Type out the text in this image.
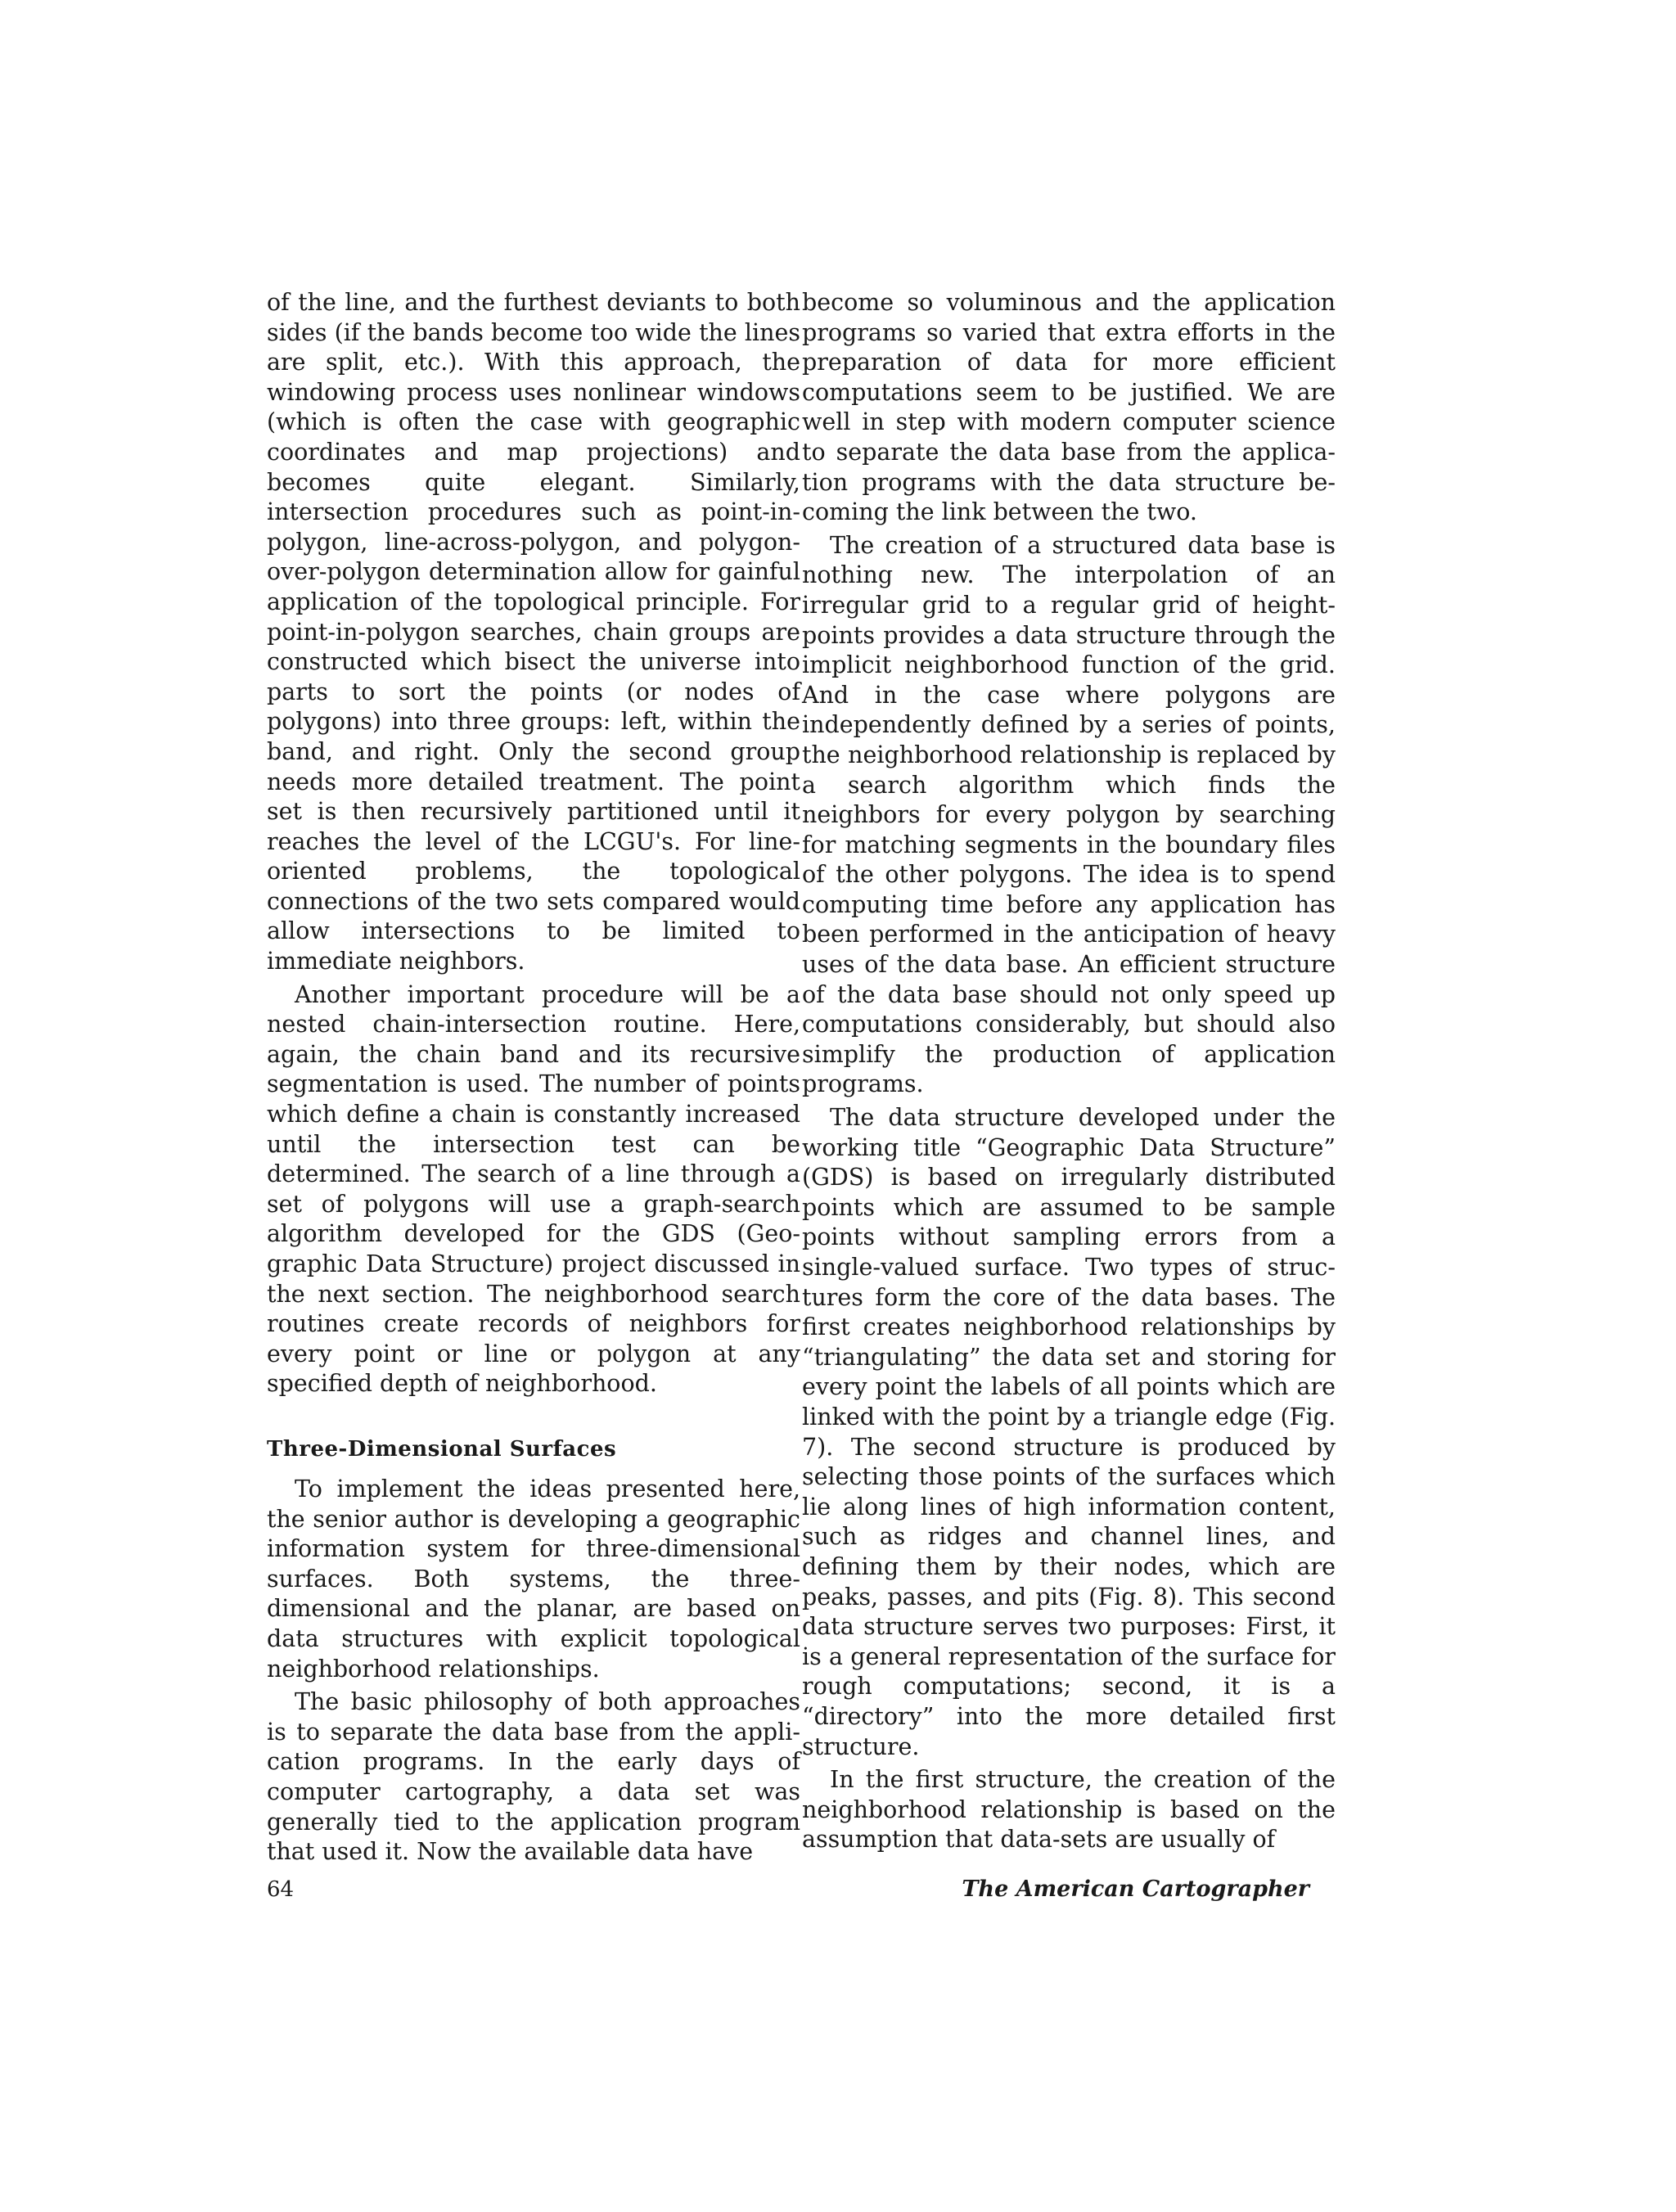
of the line, and the furthest deviants to both sides (if the bands become too wide the lines are split, etc.). With this approach, the windowing process uses nonlinear windows (which is often the case with geographic coordinates and map projections) and becomes quite elegant. Similarly, intersection procedures such as point-in-polygon, line-across-polygon, and polygon-over-polygon determination allow for gainful application of the topological principle. For point-in-polygon searches, chain groups are constructed which bisect the universe into parts to sort the points (or nodes of polygons) into three groups: left, within the band, and right. Only the second group needs more detailed treatment. The point set is then recursively partitioned until it reaches the level of the LCGU's. For line-oriented problems, the topological connections of the two sets compared would allow intersections to be limited to immediate neighbors.

Another important procedure will be a nested chain-intersection routine. Here, again, the chain band and its recursive segmentation is used. The number of points which define a chain is constantly increased until the intersection test can be determined. The search of a line through a set of polygons will use a graph-search algorithm developed for the GDS (Geographic Data Structure) project discussed in the next section. The neighborhood search routines create records of neighbors for every point or line or polygon at any specified depth of neighborhood.

Three-Dimensional Surfaces

To implement the ideas presented here, the senior author is developing a geographic information system for three-dimensional surfaces. Both systems, the three-dimensional and the planar, are based on data structures with explicit topological neighborhood relationships.

The basic philosophy of both approaches is to separate the data base from the application programs. In the early days of computer cartography, a data set was generally tied to the application program that used it. Now the available data have

become so voluminous and the application programs so varied that extra efforts in the preparation of data for more efficient computations seem to be justified. We are well in step with modern computer science to separate the data base from the application programs with the data structure becoming the link between the two.

The creation of a structured data base is nothing new. The interpolation of an irregular grid to a regular grid of height-points provides a data structure through the implicit neighborhood function of the grid. And in the case where polygons are independently defined by a series of points, the neighborhood relationship is replaced by a search algorithm which finds the neighbors for every polygon by searching for matching segments in the boundary files of the other polygons. The idea is to spend computing time before any application has been performed in the anticipation of heavy uses of the data base. An efficient structure of the data base should not only speed up computations considerably, but should also simplify the production of application programs.

The data structure developed under the working title “Geographic Data Structure” (GDS) is based on irregularly distributed points which are assumed to be sample points without sampling errors from a single-valued surface. Two types of structures form the core of the data bases. The first creates neighborhood relationships by “triangulating” the data set and storing for every point the labels of all points which are linked with the point by a triangle edge (Fig. 7). The second structure is produced by selecting those points of the surfaces which lie along lines of high information content, such as ridges and channel lines, and defining them by their nodes, which are peaks, passes, and pits (Fig. 8). This second data structure serves two purposes: First, it is a general representation of the surface for rough computations; second, it is a “directory” into the more detailed first structure.

In the first structure, the creation of the neighborhood relationship is based on the assumption that data-sets are usually of

64	The American Cartographer
